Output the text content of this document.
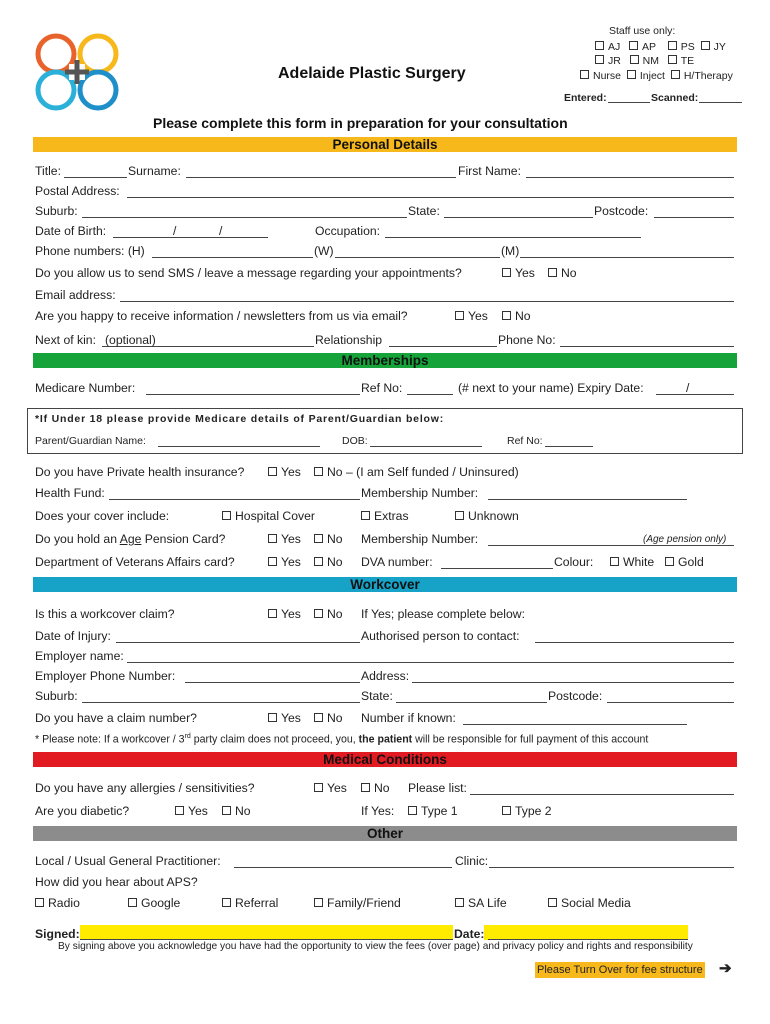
Adelaide Plastic Surgery
Staff use only:
AJ AP PS JY
JR NM TE
Nurse Inject H/Therapy
Entered:	Scanned:
Please complete this form in preparation for your consultation
Personal Details
Title:	Surname:	First Name:
Postal Address:
Suburb:	State:	Postcode:
Date of Birth:	/	/	Occupation:
Phone numbers: (H)	(W)	(M)
Do you allow us to send SMS / leave a message regarding your appointments?	Yes	No
Email address:
Are you happy to receive information / newsletters from us via email?	Yes	No
Next of kin: (optional)	Relationship	Phone No:
Memberships
Medicare Number:	Ref No:	(# next to your name) Expiry Date:	/
*If Under 18 please provide Medicare details of Parent/Guardian below:
Parent/Guardian Name:	DOB:	Ref No:
Do you have Private health insurance?	Yes	No – (I am Self funded / Uninsured)
Health Fund:	Membership Number:
Does your cover include:	Hospital Cover	Extras	Unknown
Do you hold an Age Pension Card?	Yes	No Membership Number:	(Age pension only)
Department of Veterans Affairs card?	Yes	No DVA number:	Colour:	White	Gold
Workcover
Is this a workcover claim?	Yes	No If Yes; please complete below:
Date of Injury:	Authorised person to contact:
Employer name:
Employer Phone Number:	Address:
Suburb:	State:	Postcode:
Do you have a claim number?	Yes	No Number if known:
* Please note: If a workcover / 3rd party claim does not proceed, you, the patient will be responsible for full payment of this account
Medical Conditions
Do you have any allergies / sensitivities?	Yes	No Please list:
Are you diabetic?	Yes	No	If Yes:	Type 1	Type 2
Other
Local / Usual General Practitioner:	Clinic:
How did you hear about APS?
Radio	Google	Referral	Family/Friend	SA Life	Social Media
Signed:	Date:
By signing above you acknowledge you have had the opportunity to view the fees (over page) and privacy policy and rights and responsibility
Please Turn Over for fee structure ➔
